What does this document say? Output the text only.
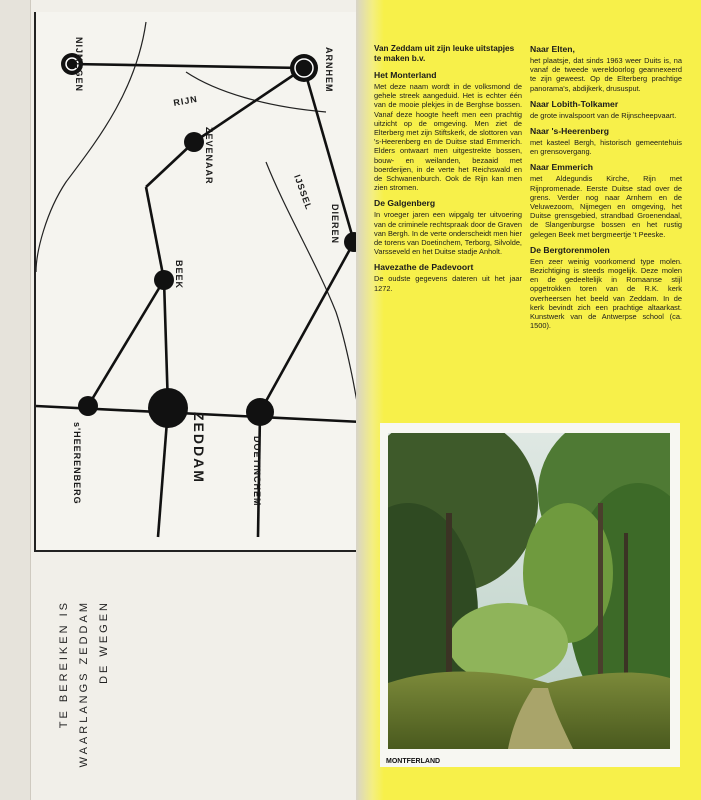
NIJMEGEN	ARNHEM
ZEVENAAR
DIEREN
BEEK
ZEDDAM
s'HEERENBERG	DOETINCHEM
RIJN
IJSSEL
DE WEGEN
WAARLANGS ZEDDAM
TE BEREIKEN IS
Van Zeddam uit zijn leuke uitstapjes te maken b.v.
Het Monterland

Met deze naam wordt in de volksmond de gehele streek aangeduid. Het is echter één van de mooie plekjes in de Berghse bossen. Vanaf deze hoogte heeft men een prachtig uitzicht op de omgeving. Men ziet de Elterberg met zijn Stiftskerk, de slottoren van 's-Heerenberg en de Duitse stad Emmerich. Elders ontwaart men uitgestrekte bossen, bouw- en weilanden, bezaaid met boerderijen, in de verte het Reichswald en de Schwanenburch. Ook de Rijn kan men zien stromen.

De Galgenberg

In vroeger jaren een wipgalg ter uitvoering van de criminele rechtspraak door de Graven van Bergh. In de verte onderscheidt men hier de torens van Doetinchem, Terborg, Silvolde, Varsseveld en het Duitse stadje Anholt.

Havezathe de Padevoort

De oudste gegevens dateren uit het jaar 1272.

Naar Elten,

het plaatsje, dat sinds 1963 weer Duits is, na vanaf de tweede wereldoorlog geannexeerd te zijn geweest. Op de Elterberg prachtige panorama's, abdijkerk, drususput.

Naar Lobith-Tolkamer

de grote invalspoort van de Rijnscheepvaart.

Naar 's-Heerenberg

met kasteel Bergh, historisch gemeentehuis en grensovergang.

Naar Emmerich

met Aldegundis Kirche, Rijn met Rijnpromenade. Eerste Duitse stad over de grens. Verder nog naar Arnhem en de Veluwezoom, Nijmegen en omgeving, het Duitse grensgebied, strandbad Groenendaal, de Slangenburgse bossen en het rustig gelegen Beek met bergmeertje 't Peeske.

De Bergtorenmolen

Een zeer weinig voorkomend type molen. Bezichtiging is steeds mogelijk. Deze molen en de gedeeltelijk in Romaanse stijl opgetrokken toren van de R.K. kerk overheersen het beeld van Zeddam. In de kerk bevindt zich een prachtige altaarkast. Kunstwerk van de Antwerpse school (ca. 1500).

MONTFERLAND
